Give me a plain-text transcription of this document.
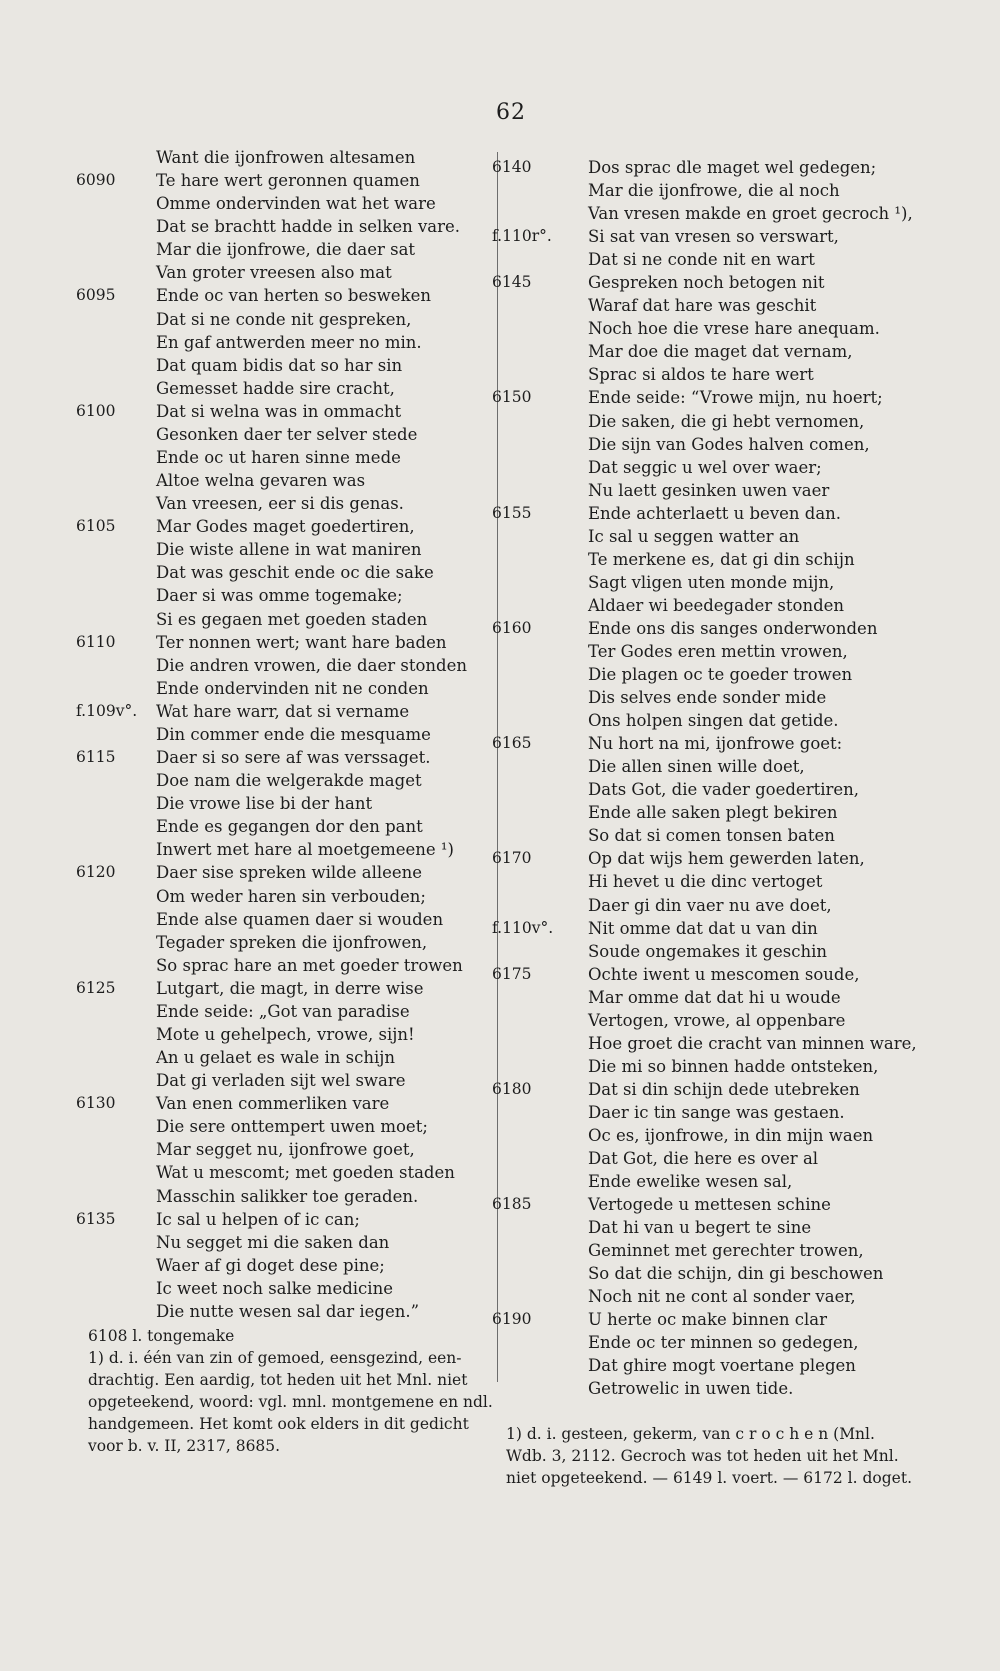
62
Want die ijonfrowen altesamen
6090	Te hare wert geronnen quamen
Omme ondervinden wat het ware
Dat se brachtt hadde in selken vare.
Mar die ijonfrowe, die daer sat
Van groter vreesen also mat
6095	Ende oc van herten so besweken
Dat si ne conde nit gespreken,
En gaf antwerden meer no min.
Dat quam bidis dat so har sin
Gemesset hadde sire cracht,
6100	Dat si welna was in ommacht
Gesonken daer ter selver stede
Ende oc ut haren sinne mede
Altoe welna gevaren was
Van vreesen, eer si dis genas.
6105	Mar Godes maget goedertiren,
Die wiste allene in wat maniren
Dat was geschit ende oc die sake
Daer si was omme togemake;
Si es gegaen met goeden staden
6110	Ter nonnen wert; want hare baden
Die andren vrowen, die daer stonden
Ende ondervinden nit ne conden
f.109v°. Wat hare warr, dat si vername
Din commer ende die mesquame
6115	Daer si so sere af was verssaget.
Doe nam die welgerakde maget
Die vrowe lise bi der hant
Ende es gegangen dor den pant
Inwert met hare al moetgemeene ¹)
6120	Daer sise spreken wilde alleene
Om weder haren sin verbouden;
Ende alse quamen daer si wouden
Tegader spreken die ijonfrowen,
So sprac hare an met goeder trowen
6125	Lutgart, die magt, in derre wise
Ende seide: „Got van paradise
Mote u gehelpech, vrowe, sijn!
An u gelaet es wale in schijn
Dat gi verladen sijt wel sware
6130	Van enen commerliken vare
Die sere onttempert uwen moet;
Mar segget nu, ijonfrowe goet,
Wat u mescomt; met goeden staden
Masschin salikker toe geraden.
6135	Ic sal u helpen of ic can;
Nu segget mi die saken dan
Waer af gi doget dese pine;
Ic weet noch salke medicine
Die nutte wesen sal dar iegen.”
6140	Dos sprac dle maget wel gedegen;
Mar die ijonfrowe, die al noch
Van vresen makde en groet gecroch ¹),
f.110r°.	Si sat van vresen so verswart,
Dat si ne conde nit en wart
6145	Gespreken noch betogen nit
Waraf dat hare was geschit
Noch hoe die vrese hare anequam.
Mar doe die maget dat vernam,
Sprac si aldos te hare wert
6150	Ende seide: “Vrowe mijn, nu hoert;
Die saken, die gi hebt vernomen,
Die sijn van Godes halven comen,
Dat seggic u wel over waer;
Nu laett gesinken uwen vaer
6155	Ende achterlaett u beven dan.
Ic sal u seggen watter an
Te merkene es, dat gi din schijn
Sagt vligen uten monde mijn,
Aldaer wi beedegader stonden
6160	Ende ons dis sanges onderwonden
Ter Godes eren mettin vrowen,
Die plagen oc te goeder trowen
Dis selves ende sonder mide
Ons holpen singen dat getide.
6165	Nu hort na mi, ijonfrowe goet:
Die allen sinen wille doet,
Dats Got, die vader goedertiren,
Ende alle saken plegt bekiren
So dat si comen tonsen baten
6170	Op dat wijs hem gewerden laten,
Hi hevet u die dinc vertoget
Daer gi din vaer nu ave doet,
f.110v°.	Nit omme dat dat u van din
Soude ongemakes it geschin
6175	Ochte iwent u mescomen soude,
Mar omme dat dat hi u woude
Vertogen, vrowe, al oppenbare
Hoe groet die cracht van minnen ware,
Die mi so binnen hadde ontsteken,
6180	Dat si din schijn dede utebreken
Daer ic tin sange was gestaen.
Oc es, ijonfrowe, in din mijn waen
Dat Got, die here es over al
Ende ewelike wesen sal,
6185	Vertogede u mettesen schine
Dat hi van u begert te sine
Geminnet met gerechter trowen,
So dat die schijn, din gi beschowen
Noch nit ne cont al sonder vaer,
6190	U herte oc make binnen clar
Ende oc ter minnen so gedegen,
Dat ghire mogt voertane plegen
Getrowelic in uwen tide.
6108 l. tongemake
1) d. i. één van zin of gemoed, eensgezind, een-
drachtig. Een aardig, tot heden uit het Mnl. niet
opgeteekend, woord: vgl. mnl. montgemene en ndl.
handgemeen. Het komt ook elders in dit gedicht
voor b. v. II, 2317, 8685.
1) d. i. gesteen, gekerm, van c r o c h e n (Mnl.
Wdb. 3, 2112. Gecroch was tot heden uit het Mnl.
niet opgeteekend. — 6149 l. voert. — 6172 l. doget.
